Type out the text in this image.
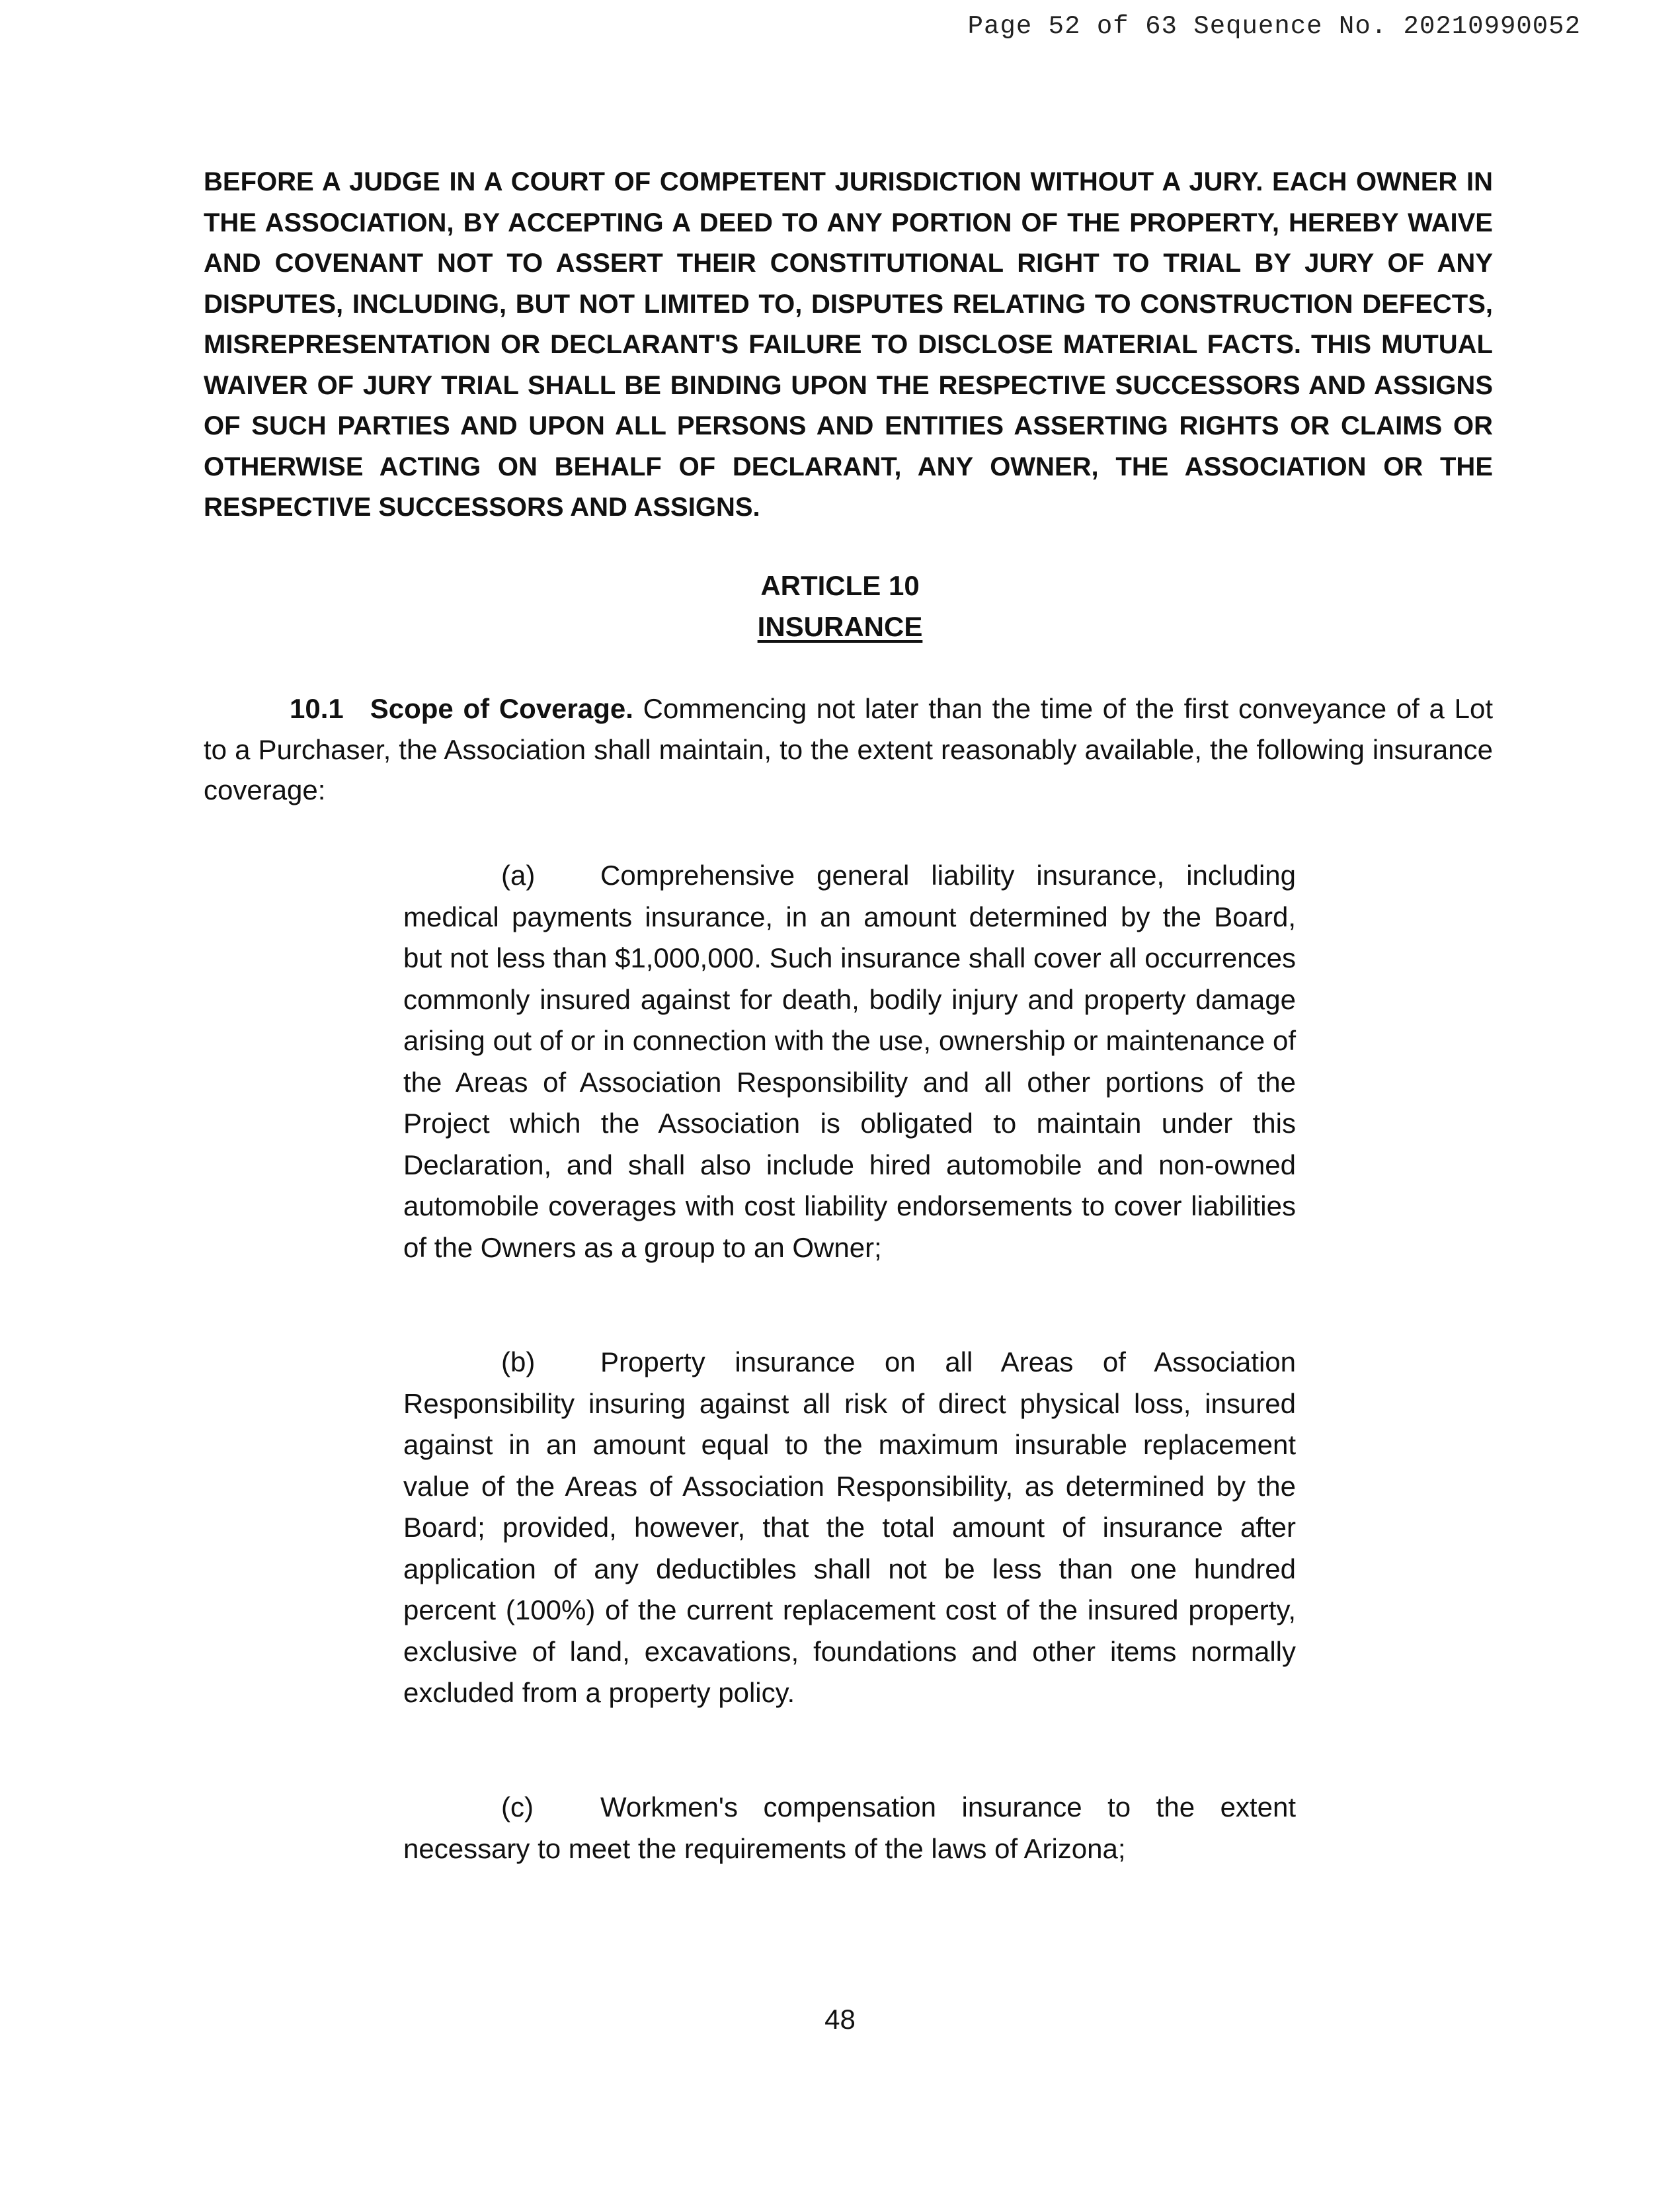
Page 52 of 63 Sequence No. 20210990052
BEFORE A JUDGE IN A COURT OF COMPETENT JURISDICTION WITHOUT A JURY. EACH OWNER IN THE ASSOCIATION, BY ACCEPTING A DEED TO ANY PORTION OF THE PROPERTY, HEREBY WAIVE AND COVENANT NOT TO ASSERT THEIR CONSTITUTIONAL RIGHT TO TRIAL BY JURY OF ANY DISPUTES, INCLUDING, BUT NOT LIMITED TO, DISPUTES RELATING TO CONSTRUCTION DEFECTS, MISREPRESENTATION OR DECLARANT'S FAILURE TO DISCLOSE MATERIAL FACTS. THIS MUTUAL WAIVER OF JURY TRIAL SHALL BE BINDING UPON THE RESPECTIVE SUCCESSORS AND ASSIGNS OF SUCH PARTIES AND UPON ALL PERSONS AND ENTITIES ASSERTING RIGHTS OR CLAIMS OR OTHERWISE ACTING ON BEHALF OF DECLARANT, ANY OWNER, THE ASSOCIATION OR THE RESPECTIVE SUCCESSORS AND ASSIGNS.
ARTICLE 10
INSURANCE
10.1 Scope of Coverage. Commencing not later than the time of the first conveyance of a Lot to a Purchaser, the Association shall maintain, to the extent reasonably available, the following insurance coverage:
(a) Comprehensive general liability insurance, including medical payments insurance, in an amount determined by the Board, but not less than $1,000,000. Such insurance shall cover all occurrences commonly insured against for death, bodily injury and property damage arising out of or in connection with the use, ownership or maintenance of the Areas of Association Responsibility and all other portions of the Project which the Association is obligated to maintain under this Declaration, and shall also include hired automobile and non-owned automobile coverages with cost liability endorsements to cover liabilities of the Owners as a group to an Owner;
(b) Property insurance on all Areas of Association Responsibility insuring against all risk of direct physical loss, insured against in an amount equal to the maximum insurable replacement value of the Areas of Association Responsibility, as determined by the Board; provided, however, that the total amount of insurance after application of any deductibles shall not be less than one hundred percent (100%) of the current replacement cost of the insured property, exclusive of land, excavations, foundations and other items normally excluded from a property policy.
(c) Workmen's compensation insurance to the extent necessary to meet the requirements of the laws of Arizona;
48
